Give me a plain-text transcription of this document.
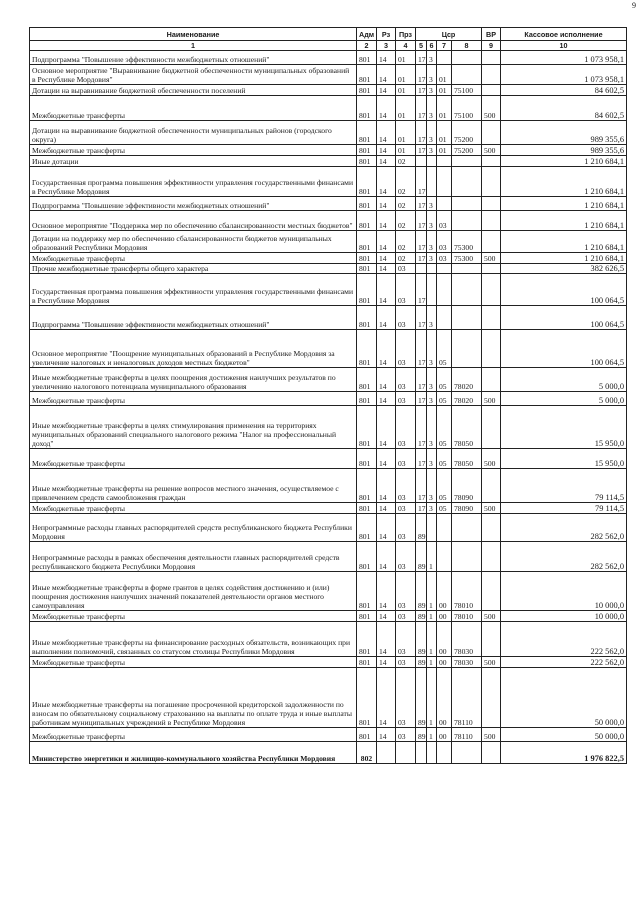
9
Наименование	Адм	Рз	Прз	Цср				ВР	Кассовое исполнение
1	2	3	4	5	6	7	8	9	10
Подпрограмма "Повышение эффективности межбюджетных отношений"	801	14	01	17	3				1 073 958,1
Основное мероприятие "Выравнивание бюджетной обеспеченности муниципальных образований в Республике Мордовия"	801	14	01	17	3	01			1 073 958,1
Дотации на выравнивание бюджетной обеспеченности поселений	801	14	01	17	3	01	75100		84 602,5
Межбюджетные трансферты	801	14	01	17	3	01	75100	500	84 602,5
Дотации на выравнивание бюджетной обеспеченности муниципальных районов (городского округа)	801	14	01	17	3	01	75200		989 355,6
Межбюджетные трансферты	801	14	01	17	3	01	75200	500	989 355,6
Иные дотации	801	14	02						1 210 684,1
Государственная программа повышения эффективности управления государственными финансами в Республике Мордовия	801	14	02	17					1 210 684,1
Подпрограмма "Повышение эффективности межбюджетных отношений"	801	14	02	17	3				1 210 684,1
Основное мероприятие "Поддержка мер по обеспечению сбалансированности местных бюджетов"	801	14	02	17	3	03			1 210 684,1
Дотации на поддержку мер по обеспечению сбалансированности бюджетов муниципальных образований Республики Мордовия	801	14	02	17	3	03	75300		1 210 684,1
Межбюджетные трансферты	801	14	02	17	3	03	75300	500	1 210 684,1
Прочие межбюджетные трансферты общего характера	801	14	03						382 626,5
Государственная программа повышения эффективности управления государственными финансами в Республике Мордовия	801	14	03	17					100 064,5
Подпрограмма "Повышение эффективности межбюджетных отношений"	801	14	03	17	3				100 064,5
Основное мероприятие "Поощрение муниципальных образований в Республике Мордовия за увеличение налоговых и неналоговых доходов местных бюджетов"	801	14	03	17	3	05			100 064,5
Иные межбюджетные трансферты в целях поощрения достижения наилучших результатов по увеличению налогового потенциала муниципального образования	801	14	03	17	3	05	78020		5 000,0
Межбюджетные трансферты	801	14	03	17	3	05	78020	500	5 000,0
Иные межбюджетные трансферты в целях стимулирования применения на территориях муниципальных образований специального налогового режима "Налог на профессиональный доход"	801	14	03	17	3	05	78050		15 950,0
Межбюджетные трансферты	801	14	03	17	3	05	78050	500	15 950,0
Иные межбюджетные трансферты на решение вопросов местного значения, осуществляемое с привлечением средств самообложения граждан	801	14	03	17	3	05	78090		79 114,5
Межбюджетные трансферты	801	14	03	17	3	05	78090	500	79 114,5
Непрограммные расходы главных распорядителей средств республиканского бюджета Республики Мордовия	801	14	03	89					282 562,0
Непрограммные расходы в рамках обеспечения деятельности главных распорядителей средств республиканского бюджета Республики Мордовия	801	14	03	89	1				282 562,0
Иные межбюджетные трансферты в форме грантов в целях содействия достижению и (или) поощрения достижения наилучших значений показателей деятельности органов местного самоуправления	801	14	03	89	1	00	78010		10 000,0
Межбюджетные трансферты	801	14	03	89	1	00	78010	500	10 000,0
Иные межбюджетные трансферты на финансирование расходных обязательств, возникающих при выполнении полномочий, связанных со статусом столицы Республики Мордовия	801	14	03	89	1	00	78030		222 562,0
Межбюджетные трансферты	801	14	03	89	1	00	78030	500	222 562,0
Иные межбюджетные трансферты на погашение просроченной кредиторской задолженности по взносам по обязательному социальному страхованию на выплаты по оплате труда и иные выплаты работникам муниципальных учреждений в Республике Мордовия	801	14	03	89	1	00	78110		50 000,0
Межбюджетные трансферты	801	14	03	89	1	00	78110	500	50 000,0
Министерство энергетики и жилищно-коммунального хозяйства Республики Мордовия	802								1 976 822,5
